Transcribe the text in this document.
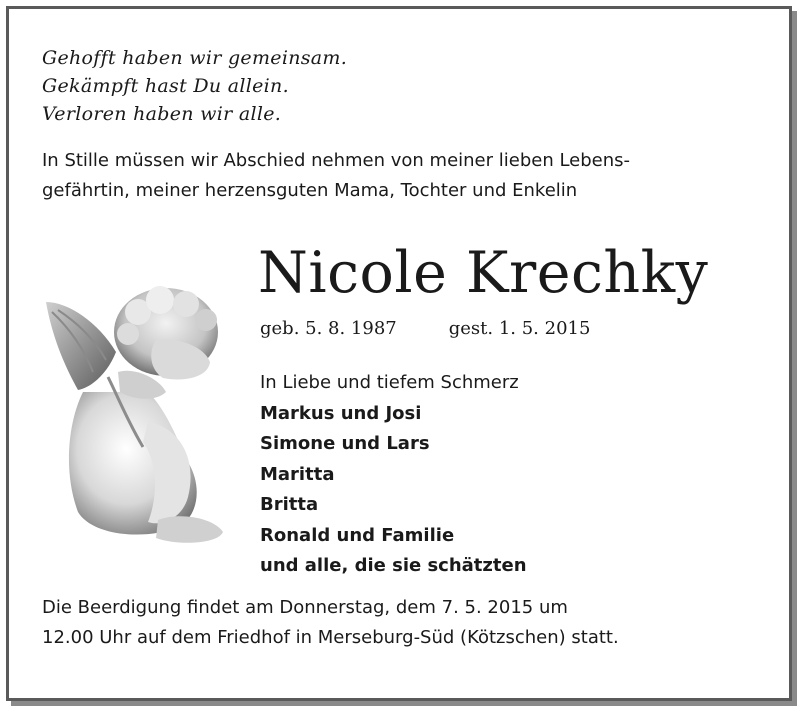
Gehofft haben wir gemeinsam.
Gekämpft hast Du allein.
Verloren haben wir alle.
In Stille müssen wir Abschied nehmen von meiner lieben Lebens-
gefährtin, meiner herzensguten Mama, Tochter und Enkelin
Nicole Krechky
geb. 5. 8. 1987	gest. 1. 5. 2015
In Liebe und tiefem Schmerz
Markus und Josi
Simone und Lars
Maritta
Britta
Ronald und Familie
und alle, die sie schätzten
Die Beerdigung findet am Donnerstag, dem 7. 5. 2015 um
12.00 Uhr auf dem Friedhof in Merseburg-Süd (Kötzschen) statt.
